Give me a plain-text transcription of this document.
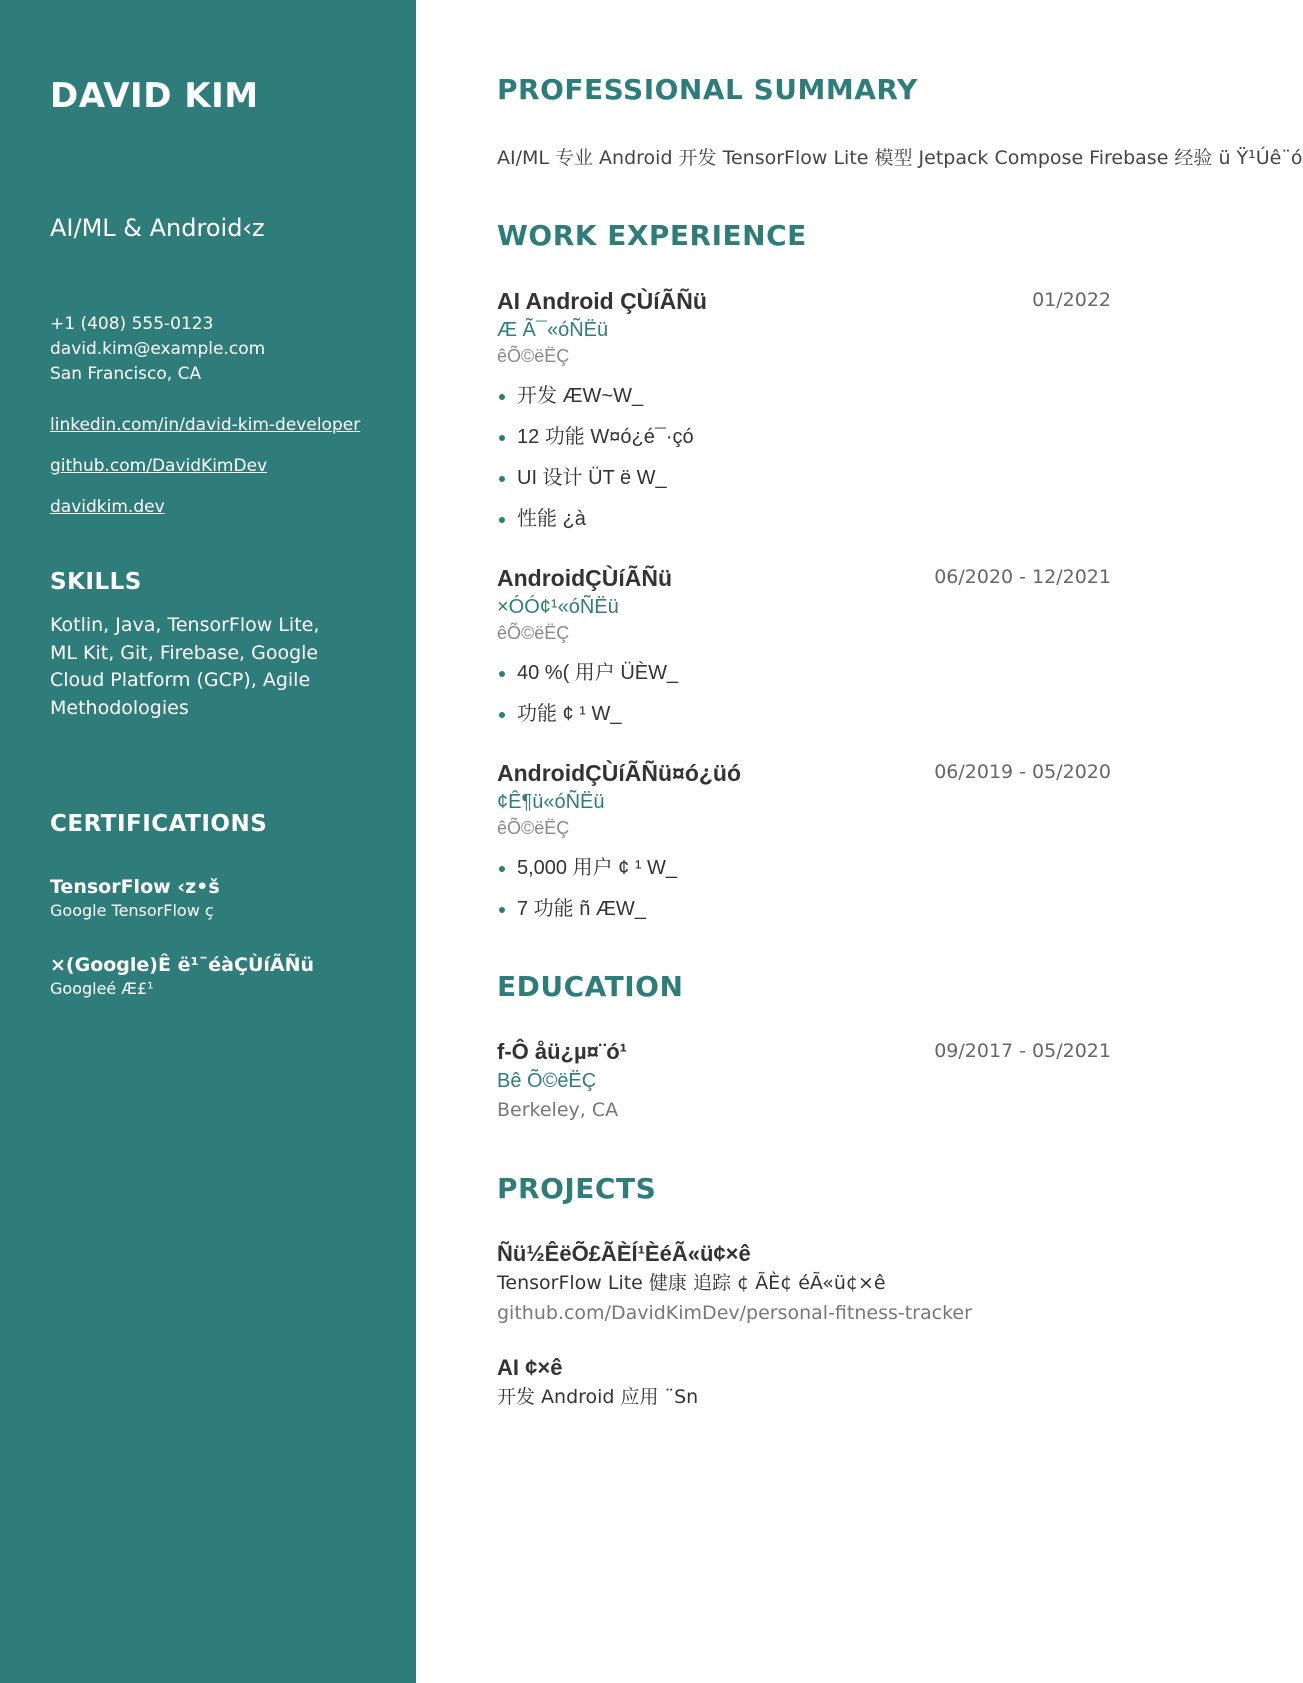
DAVID KIM
AI/ML & Android‹z
+1 (408) 555-0123
david.kim@example.com
San Francisco, CA
linkedin.com/in/david-kim-developer
github.com/DavidKimDev
davidkim.dev
SKILLS
Kotlin, Java, TensorFlow Lite, ML Kit, Git, Firebase, Google Cloud Platform (GCP), Agile Methodologies
CERTIFICATIONS
TensorFlow ‹z•š
Google TensorFlow ç
×(Google)Ê ë¹¯éàÇÙíÃÑü
Googleé Æ£¹
PROFESSIONAL SUMMARY
AI/ML 专业 Android 开发 TensorFlow Lite 模型 Jetpack Compose Firebase 经验 ü Ÿ¹Úê¨ó
WORK EXPERIENCE
AI Android ÇÙíÃÑü	01/2022
Æ Ã¯«óÑËü
êÕ©ëËÇ
开发 ÆW~W_
12 功能 W¤ó¿é¯·çó
UI 设计 ÜT ë W_
性能 ¿à
AndroidÇÙíÃÑü	06/2020 - 12/2021
×ÓÓ¢¹«óÑËü
êÕ©ëËÇ
40 %( 用户 ÜÈW_
功能 ¢ ¹ W_
AndroidÇÙíÃÑü¤ó¿üó	06/2019 - 05/2020
¢Ê¶ü«óÑËü
êÕ©ëËÇ
5,000 用户 ¢ ¹ W_
7 功能 ñ ÆW_
EDUCATION
f-Ô åü¿µ¤¨ó¹	09/2017 - 05/2021
Bê Õ©ëËÇ
Berkeley, CA
PROJECTS
Ñü½ÊëÕ£ÃÈÍ¹ÈéÃ«ü¢×ê
TensorFlow Lite 健康 追踪 ¢ ÃÈ¢ éÃ«ü¢×ê
github.com/DavidKimDev/personal-fitness-tracker
AI ¢×ê
开发 Android 应用 ¨Sn
